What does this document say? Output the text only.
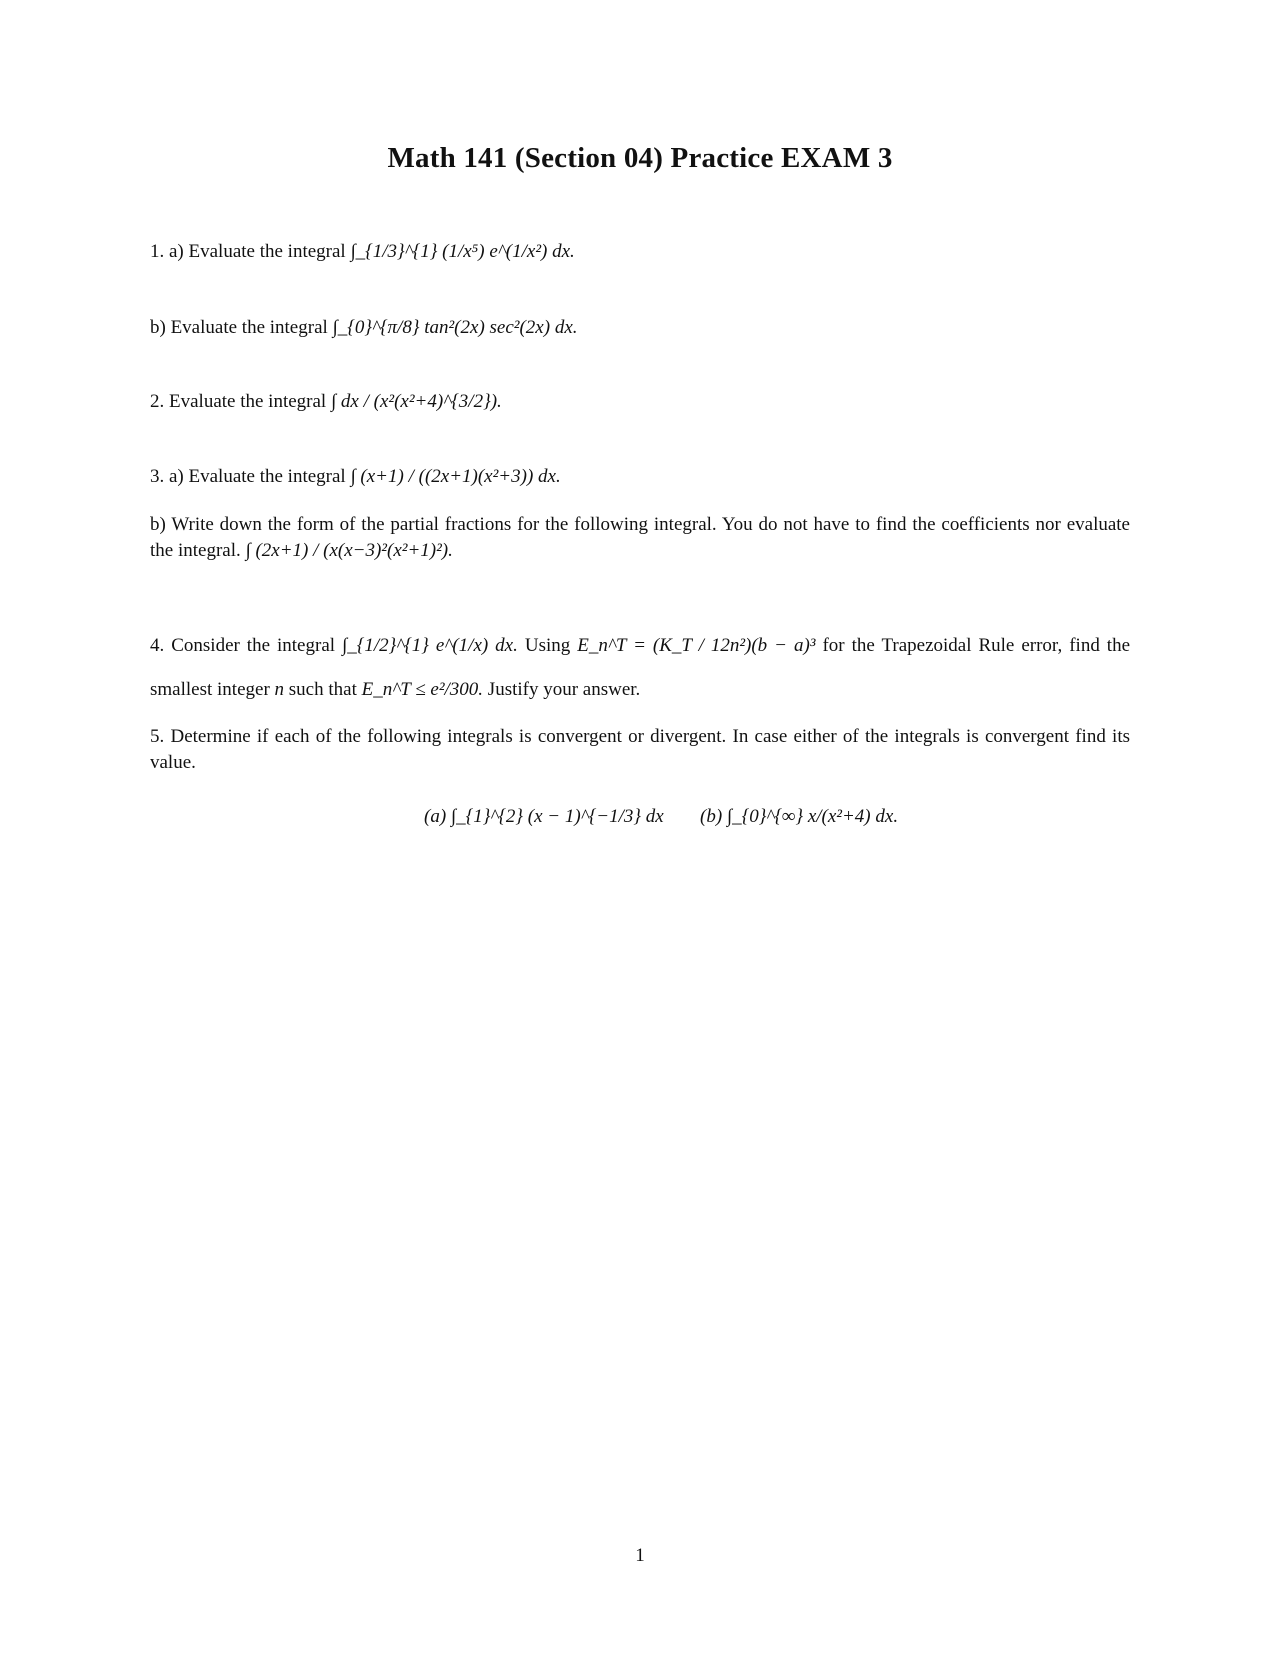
Math 141 (Section 04) Practice EXAM 3
1. a) Evaluate the integral ∫_{1/3}^{1} (1/x⁵) e^(1/x²) dx.
b) Evaluate the integral ∫_{0}^{π/8} tan²(2x) sec²(2x) dx.
2. Evaluate the integral ∫ dx / (x²(x²+4)^{3/2}).
3. a) Evaluate the integral ∫ (x+1) / ((2x+1)(x²+3)) dx.
b) Write down the form of the partial fractions for the following integral. You do not have to find the coefficients nor evaluate the integral. ∫ (2x+1) / (x(x−3)²(x²+1)²).
4. Consider the integral ∫_{1/2}^{1} e^(1/x) dx. Using E_n^T = (K_T / 12n²)(b − a)³ for the Trapezoidal Rule error, find the smallest integer n such that E_n^T ≤ e²/300. Justify your answer.
5. Determine if each of the following integrals is convergent or divergent. In case either of the integrals is convergent find its value.
(a) ∫_{1}^{2} (x − 1)^{−1/3} dx (b) ∫_{0}^{∞} x/(x²+4) dx.
1
